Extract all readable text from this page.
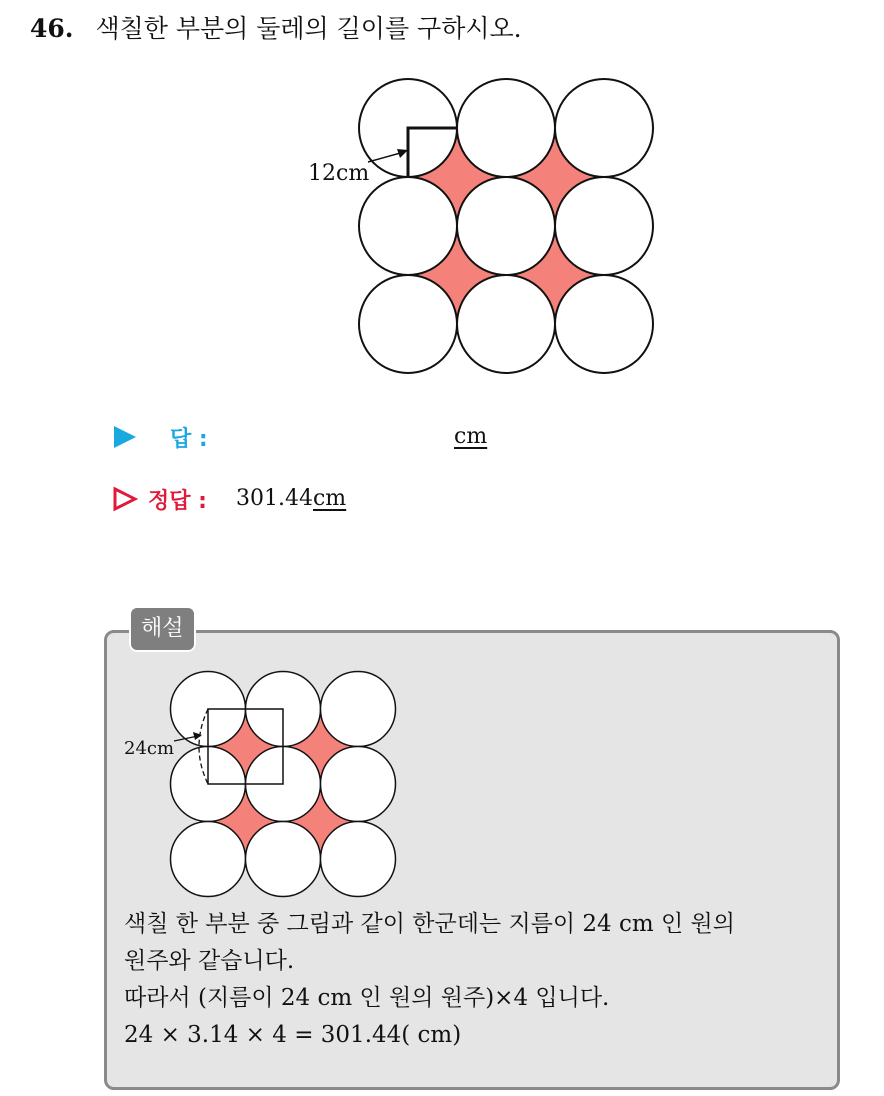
46. 색칠한 부분의 둘레의 길이를 구하시오.
12cm
답 :	cm
정답 : 301.44cm
해설
24cm
색칠 한 부분 중 그림과 같이 한군데는 지름이 24 cm 인 원의
원주와 같습니다.
따라서 (지름이 24 cm 인 원의 원주)×4 입니다.
24 × 3.14 × 4 = 301.44( cm)
